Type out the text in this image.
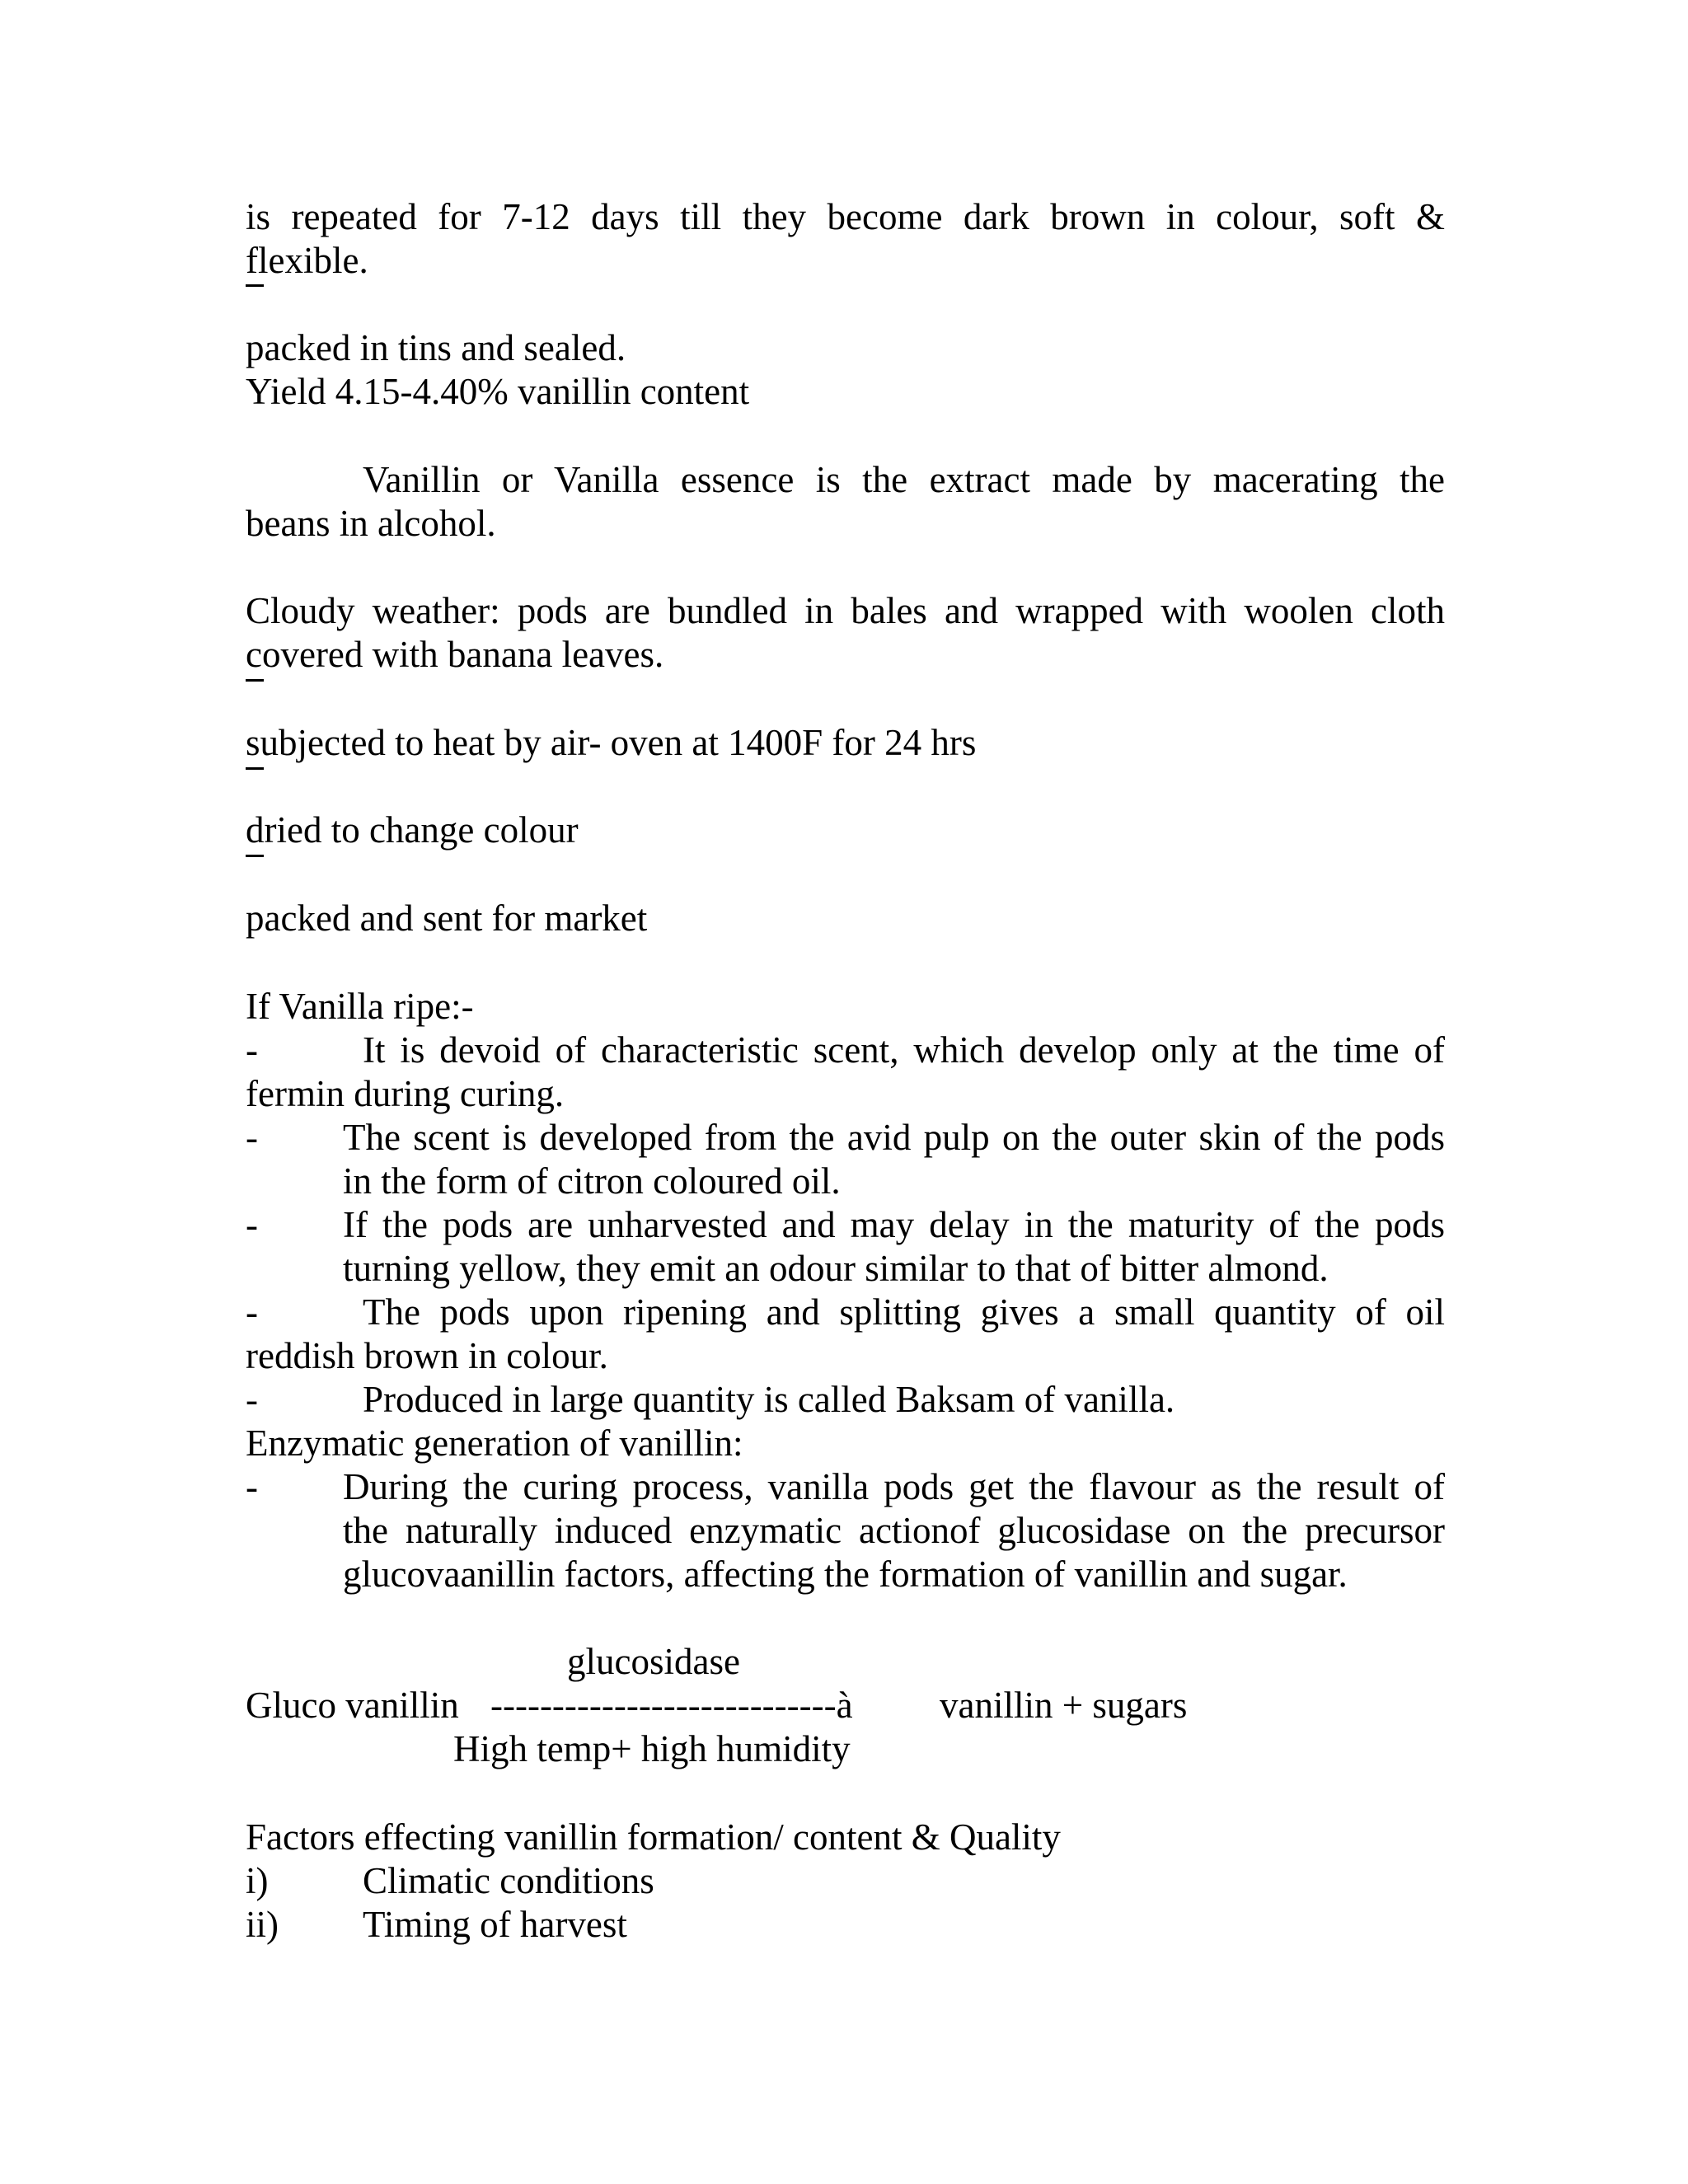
is repeated for 7-12 days till they become dark brown in colour, soft &
flexible.
packed in tins and sealed.
Yield 4.15-4.40% vanillin content
Vanillin or Vanilla essence is the extract made by macerating the
beans in alcohol.
Cloudy weather: pods are bundled in bales and wrapped with woolen cloth
covered with banana leaves.
subjected to heat by air- oven at 1400F for 24 hrs
dried to change colour
packed and sent for market
If Vanilla ripe:-
-	It is devoid of characteristic scent, which develop only at the time of
fermin during curing.
- The scent is developed from the avid pulp on the outer skin of the pods
in the form of citron coloured oil.
- If the pods are unharvested and may delay in the maturity of the pods
turning yellow, they emit an odour similar to that of bitter almond.
-	The pods upon ripening and splitting gives a small quantity of oil
reddish brown in colour.
-	Produced in large quantity is called Baksam of vanilla.
Enzymatic generation of vanillin:
- During the curing process, vanilla pods get the flavour as the result of
the naturally induced enzymatic actionof glucosidase on the precursor
glucovaanillin factors, affecting the formation of vanillin and sugar.
glucosidase
Gluco vanillin ----------------------------à vanillin + sugars
High temp+ high humidity
Factors effecting vanillin formation/ content & Quality
i)	Climatic conditions
ii) Timing of harvest
